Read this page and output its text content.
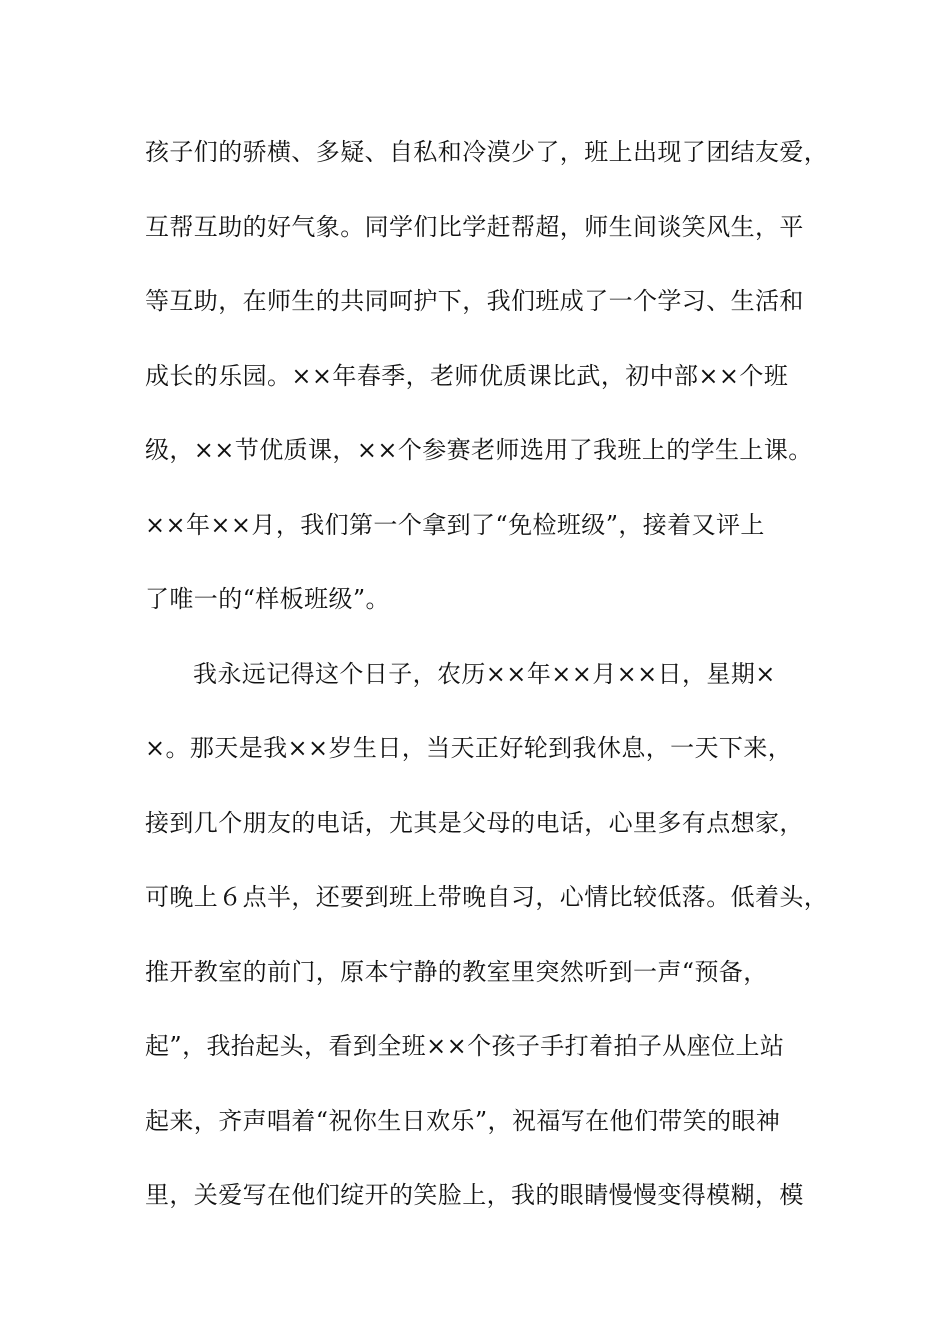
孩子们的骄横、多疑、自私和冷漠少了，班上出现了团结友爱，
互帮互助的好气象。同学们比学赶帮超，师生间谈笑风生，平
等互助，在师生的共同呵护下，我们班成了一个学习、生活和
成长的乐园。××年春季，老师优质课比武，初中部××个班
级，××节优质课，××个参赛老师选用了我班上的学生上课。
××年××月，我们第一个拿到了“免检班级”，接着又评上
了唯一的“样板班级”。
我永远记得这个日子，农历××年××月××日，星期×
×。那天是我××岁生日，当天正好轮到我休息，一天下来，
接到几个朋友的电话，尤其是父母的电话，心里多有点想家，
可晚上６点半，还要到班上带晚自习，心情比较低落。低着头，
推开教室的前门，原本宁静的教室里突然听到一声“预备，
起”，我抬起头，看到全班××个孩子手打着拍子从座位上站
起来，齐声唱着“祝你生日欢乐”，祝福写在他们带笑的眼神
里，关爱写在他们绽开的笑脸上，我的眼睛慢慢变得模糊，模
